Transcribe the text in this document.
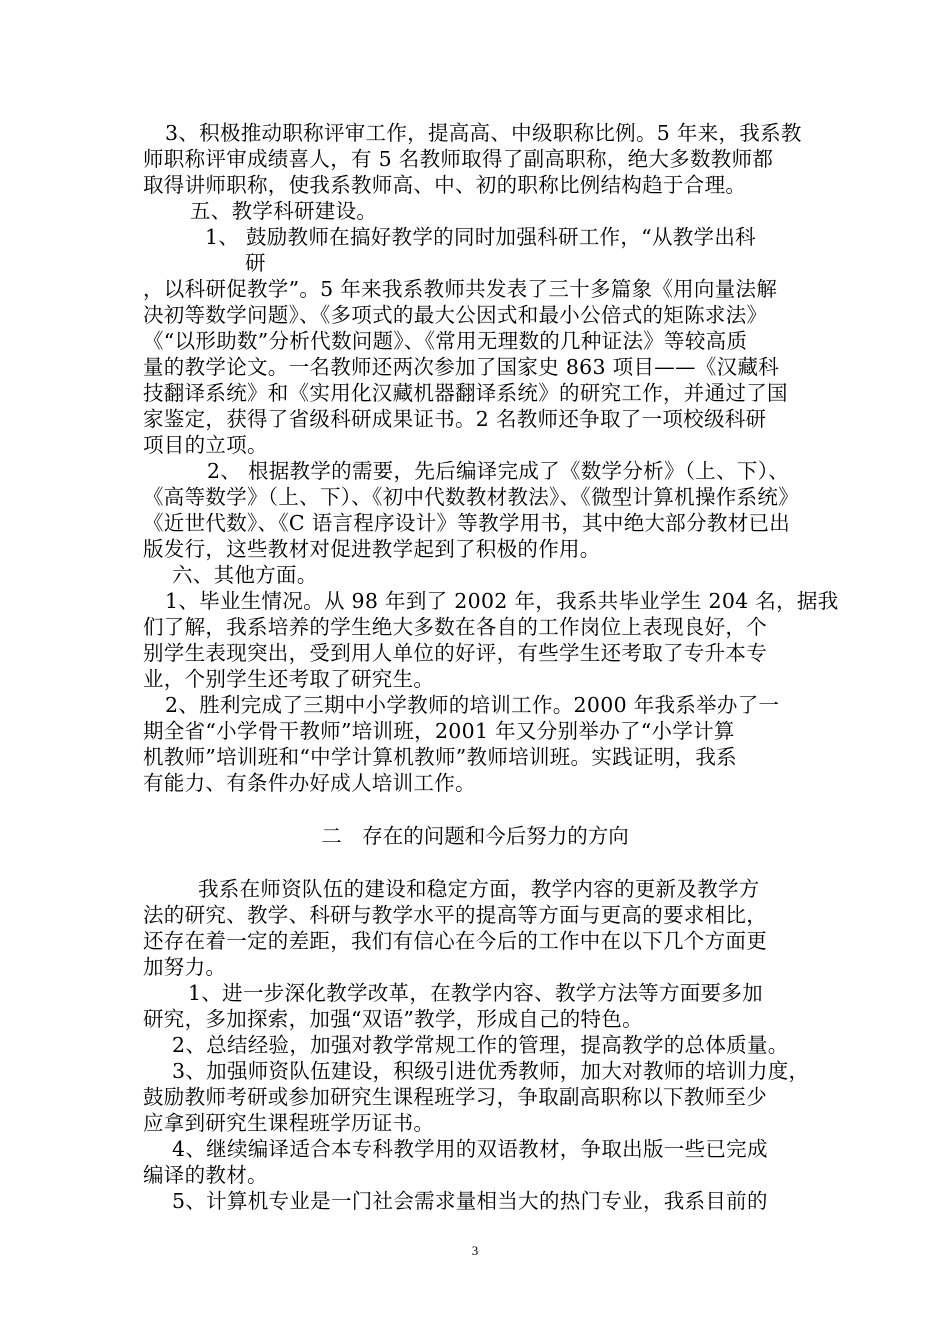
3、积极推动职称评审工作，提高高、中级职称比例。5 年来，我系教
师职称评审成绩喜人，有 5 名教师取得了副高职称，绝大多数教师都
取得讲师职称，使我系教师高、中、初的职称比例结构趋于合理。
五、教学科研建设。
1、 鼓励教师在搞好教学的同时加强科研工作，“从教学出科
研
，以科研促教学”。5 年来我系教师共发表了三十多篇象《用向量法解
决初等数学问题》、《多项式的最大公因式和最小公倍式的矩陈求法》
《“以形助数”分析代数问题》、《常用无理数的几种证法》等较高质
量的教学论文。一名教师还两次参加了国家史 863 项目——《汉藏科
技翻译系统》和《实用化汉藏机器翻译系统》的研究工作，并通过了国
家鉴定，获得了省级科研成果证书。2 名教师还争取了一项校级科研
项目的立项。
2、 根据教学的需要，先后编译完成了《数学分析》（上、下）、
《高等数学》（上、下）、《初中代数教材教法》、《微型计算机操作系统》
《近世代数》、《C 语言程序设计》等教学用书，其中绝大部分教材已出
版发行，这些教材对促进教学起到了积极的作用。
六、其他方面。
1、毕业生情况。从 98 年到了 2002 年，我系共毕业学生 204 名，据我
们了解，我系培养的学生绝大多数在各自的工作岗位上表现良好，个
别学生表现突出，受到用人单位的好评，有些学生还考取了专升本专
业，个别学生还考取了研究生。
2、胜利完成了三期中小学教师的培训工作。2000 年我系举办了一
期全省“小学骨干教师”培训班，2001 年又分别举办了“小学计算
机教师”培训班和“中学计算机教师”教师培训班。实践证明，我系
有能力、有条件办好成人培训工作。
二　存在的问题和今后努力的方向
我系在师资队伍的建设和稳定方面，教学内容的更新及教学方
法的研究、教学、科研与教学水平的提高等方面与更高的要求相比，
还存在着一定的差距，我们有信心在今后的工作中在以下几个方面更
加努力。
1、进一步深化教学改革，在教学内容、教学方法等方面要多加
研究，多加探索，加强“双语”教学，形成自己的特色。
2、总结经验，加强对教学常规工作的管理，提高教学的总体质量。
3、加强师资队伍建设，积级引进优秀教师，加大对教师的培训力度，
鼓励教师考研或参加研究生课程班学习，争取副高职称以下教师至少
应拿到研究生课程班学历证书。
4、继续编译适合本专科教学用的双语教材，争取出版一些已完成
编译的教材。
5、计算机专业是一门社会需求量相当大的热门专业，我系目前的
3
